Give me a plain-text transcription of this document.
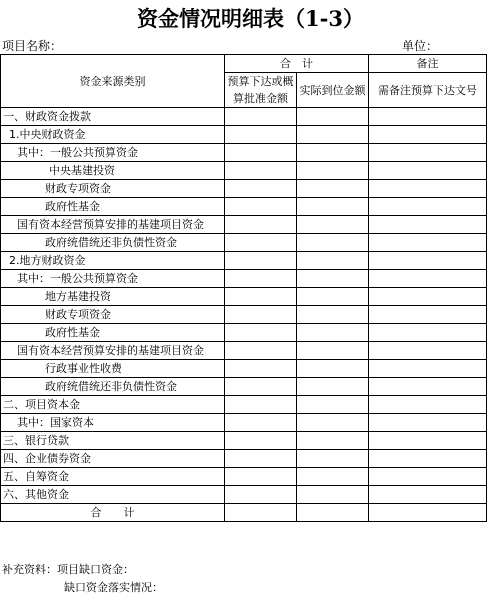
资金情况明细表（1-3）
项目名称：	单位：
资金来源类别	合　计		备注
	预算下达或概算批准金额	实际到位金额	需备注预算下达文号
一、财政资金拨款			
1.中央财政资金			
其中：一般公共预算资金			
中央基建投资			
财政专项资金			
政府性基金			
国有资本经营预算安排的基建项目资金			
政府统借统还非负债性资金			
2.地方财政资金			
其中：一般公共预算资金			
地方基建投资			
财政专项资金			
政府性基金			
国有资本经营预算安排的基建项目资金			
行政事业性收费			
政府统借统还非负债性资金			
二、项目资本金			
其中：国家资本			
三、银行贷款			
四、企业债券资金			
五、自筹资金			
六、其他资金			
合　　计			
补充资料：项目缺口资金：
缺口资金落实情况：
